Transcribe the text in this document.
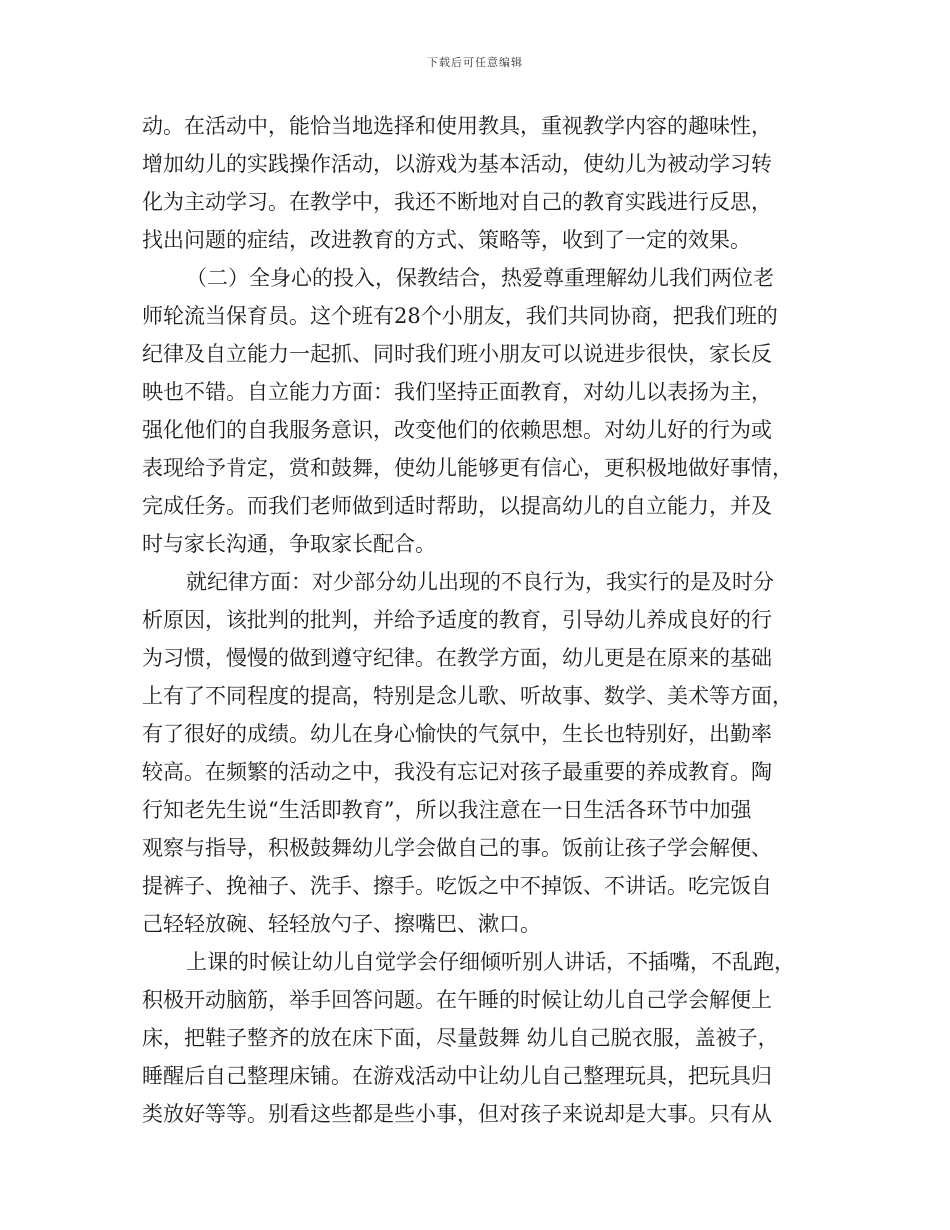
下载后可任意编辑
动。在活动中，能恰当地选择和使用教具，重视教学内容的趣味性，
增加幼儿的实践操作活动，以游戏为基本活动，使幼儿为被动学习转
化为主动学习。在教学中，我还不断地对自己的教育实践进行反思，
找出问题的症结，改进教育的方式、策略等，收到了一定的效果。
（二）全身心的投入，保教结合，热爱尊重理解幼儿我们两位老
师轮流当保育员。这个班有28个小朋友，我们共同协商，把我们班的
纪律及自立能力一起抓、同时我们班小朋友可以说进步很快，家长反
映也不错。自立能力方面：我们坚持正面教育，对幼儿以表扬为主，
强化他们的自我服务意识，改变他们的依赖思想。对幼儿好的行为或
表现给予肯定，赏和鼓舞，使幼儿能够更有信心，更积极地做好事情，
完成任务。而我们老师做到适时帮助，以提高幼儿的自立能力，并及
时与家长沟通，争取家长配合。
就纪律方面：对少部分幼儿出现的不良行为，我实行的是及时分
析原因，该批判的批判，并给予适度的教育，引导幼儿养成良好的行
为习惯，慢慢的做到遵守纪律。在教学方面，幼儿更是在原来的基础
上有了不同程度的提高，特别是念儿歌、听故事、数学、美术等方面，
有了很好的成绩。幼儿在身心愉快的气氛中，生长也特别好，出勤率
较高。在频繁的活动之中，我没有忘记对孩子最重要的养成教育。陶
行知老先生说“生活即教育”，所以我注意在一日生活各环节中加强
观察与指导，积极鼓舞幼儿学会做自己的事。饭前让孩子学会解便、
提裤子、挽袖子、洗手、擦手。吃饭之中不掉饭、不讲话。吃完饭自
己轻轻放碗、轻轻放勺子、擦嘴巴、漱口。
上课的时候让幼儿自觉学会仔细倾听别人讲话，不插嘴，不乱跑，
积极开动脑筋，举手回答问题。在午睡的时候让幼儿自己学会解便上
床，把鞋子整齐的放在床下面，尽量鼓舞 幼儿自己脱衣服，盖被子，
睡醒后自己整理床铺。在游戏活动中让幼儿自己整理玩具，把玩具归
类放好等等。别看这些都是些小事，但对孩子来说却是大事。只有从
